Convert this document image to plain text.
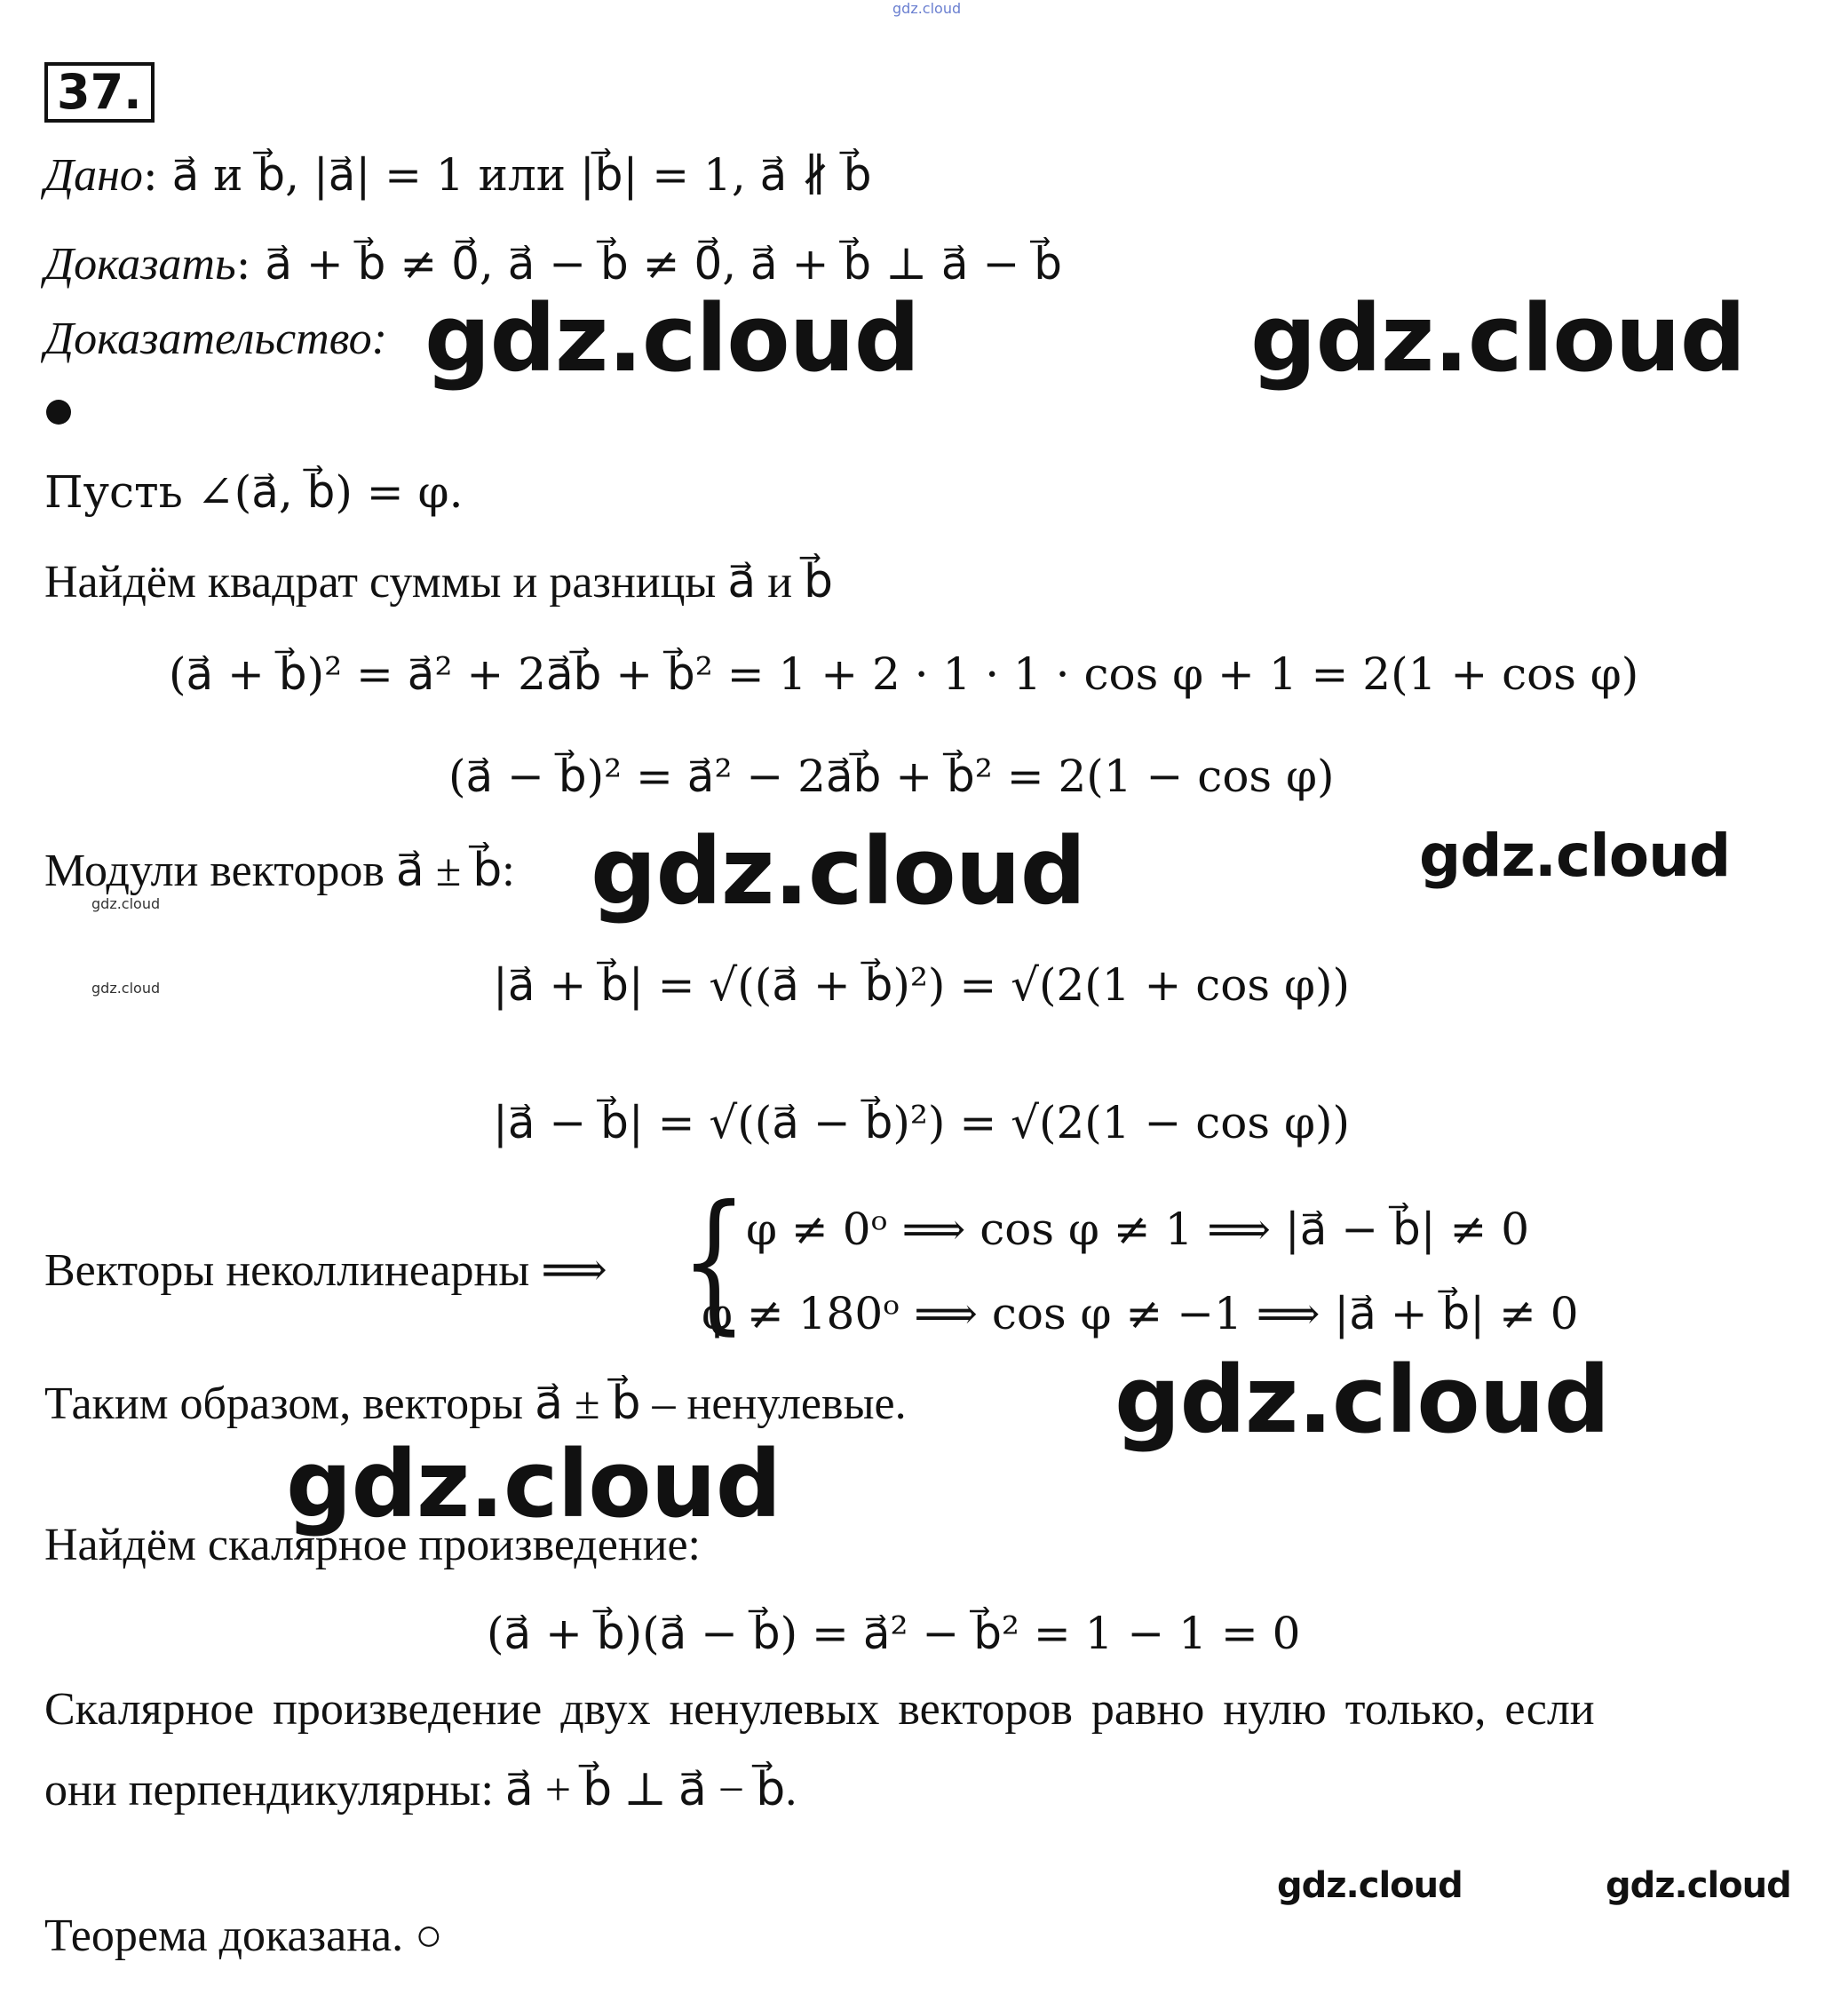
gdz.cloud
37.
Дано: a⃗ и b⃗, |a⃗| = 1 или |b⃗| = 1, a⃗ ∦ b⃗
Доказать: a⃗ + b⃗ ≠ 0⃗, a⃗ − b⃗ ≠ 0⃗, a⃗ + b⃗ ⊥ a⃗ − b⃗
Доказательство: gdz.cloud	gdz.cloud
Пусть ∠(a⃗, b⃗) = φ.
Найдём квадрат суммы и разницы a⃗ и b⃗
(a⃗ + b⃗)² = a⃗² + 2a⃗b⃗ + b⃗² = 1 + 2 · 1 · 1 · cos φ + 1 = 2(1 + cos φ)
(a⃗ − b⃗)² = a⃗² − 2a⃗b⃗ + b⃗² = 2(1 − cos φ)
Модули векторов a⃗ ± b⃗: gdz.cloud	gdz.cloud
gdz.cloud
gdz.cloud	|a⃗ + b⃗| = √((a⃗ + b⃗)²) = √(2(1 + cos φ))
|a⃗ − b⃗| = √((a⃗ − b⃗)²) = √(2(1 − cos φ))
Векторы неколлинеарны ⟹ {
φ ≠ 0ᵒ ⟹ cos φ ≠ 1 ⟹ |a⃗ − b⃗| ≠ 0
φ ≠ 180ᵒ ⟹ cos φ ≠ −1 ⟹ |a⃗ + b⃗| ≠ 0
Таким образом, векторы a⃗ ± b⃗ – ненулевые. gdz.cloud
gdz.cloud
Найдём скалярное произведение:
(a⃗ + b⃗)(a⃗ − b⃗) = a⃗² − b⃗² = 1 − 1 = 0
Скалярное произведение двух ненулевых векторов равно нулю только, если
они перпендикулярны: a⃗ + b⃗ ⊥ a⃗ − b⃗.
gdz.cloud	gdz.cloud
Теорема доказана. ○
